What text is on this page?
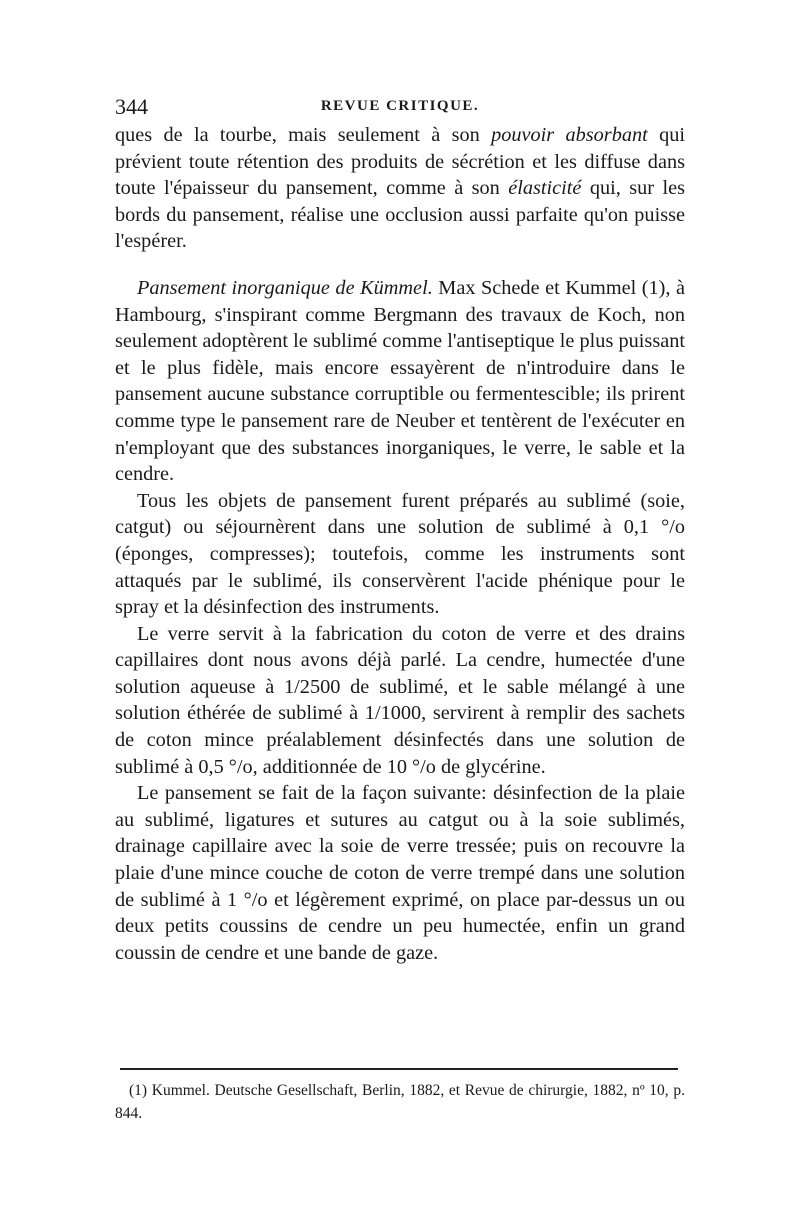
344	REVUE CRITIQUE.

ques de la tourbe, mais seulement à son pouvoir absorbant qui prévient toute rétention des produits de sécrétion et les diffuse dans toute l'épaisseur du pansement, comme à son élasticité qui, sur les bords du pansement, réalise une occlusion aussi parfaite qu'on puisse l'espérer.

Pansement inorganique de Kümmel. Max Schede et Kummel (1), à Hambourg, s'inspirant comme Bergmann des travaux de Koch, non seulement adoptèrent le sublimé comme l'antiseptique le plus puissant et le plus fidèle, mais encore essayèrent de n'introduire dans le pansement aucune substance corruptible ou fermentescible; ils prirent comme type le pansement rare de Neuber et tentèrent de l'exécuter en n'employant que des substances inorganiques, le verre, le sable et la cendre.

Tous les objets de pansement furent préparés au sublimé (soie, catgut) ou séjournèrent dans une solution de sublimé à 0,1 °/o (éponges, compresses); toutefois, comme les instruments sont attaqués par le sublimé, ils conservèrent l'acide phénique pour le spray et la désinfection des instruments.

Le verre servit à la fabrication du coton de verre et des drains capillaires dont nous avons déjà parlé. La cendre, humectée d'une solution aqueuse à 1/2500 de sublimé, et le sable mélangé à une solution éthérée de sublimé à 1/1000, servirent à remplir des sachets de coton mince préalablement désinfectés dans une solution de sublimé à 0,5 °/o, additionnée de 10 °/o de glycérine.

Le pansement se fait de la façon suivante: désinfection de la plaie au sublimé, ligatures et sutures au catgut ou à la soie sublimés, drainage capillaire avec la soie de verre tressée; puis on recouvre la plaie d'une mince couche de coton de verre trempé dans une solution de sublimé à 1 °/o et légèrement exprimé, on place par-dessus un ou deux petits coussins de cendre un peu humectée, enfin un grand coussin de cendre et une bande de gaze.

(1) Kummel. Deutsche Gesellschaft, Berlin, 1882, et Revue de chirurgie, 1882, nº 10, p. 844.
